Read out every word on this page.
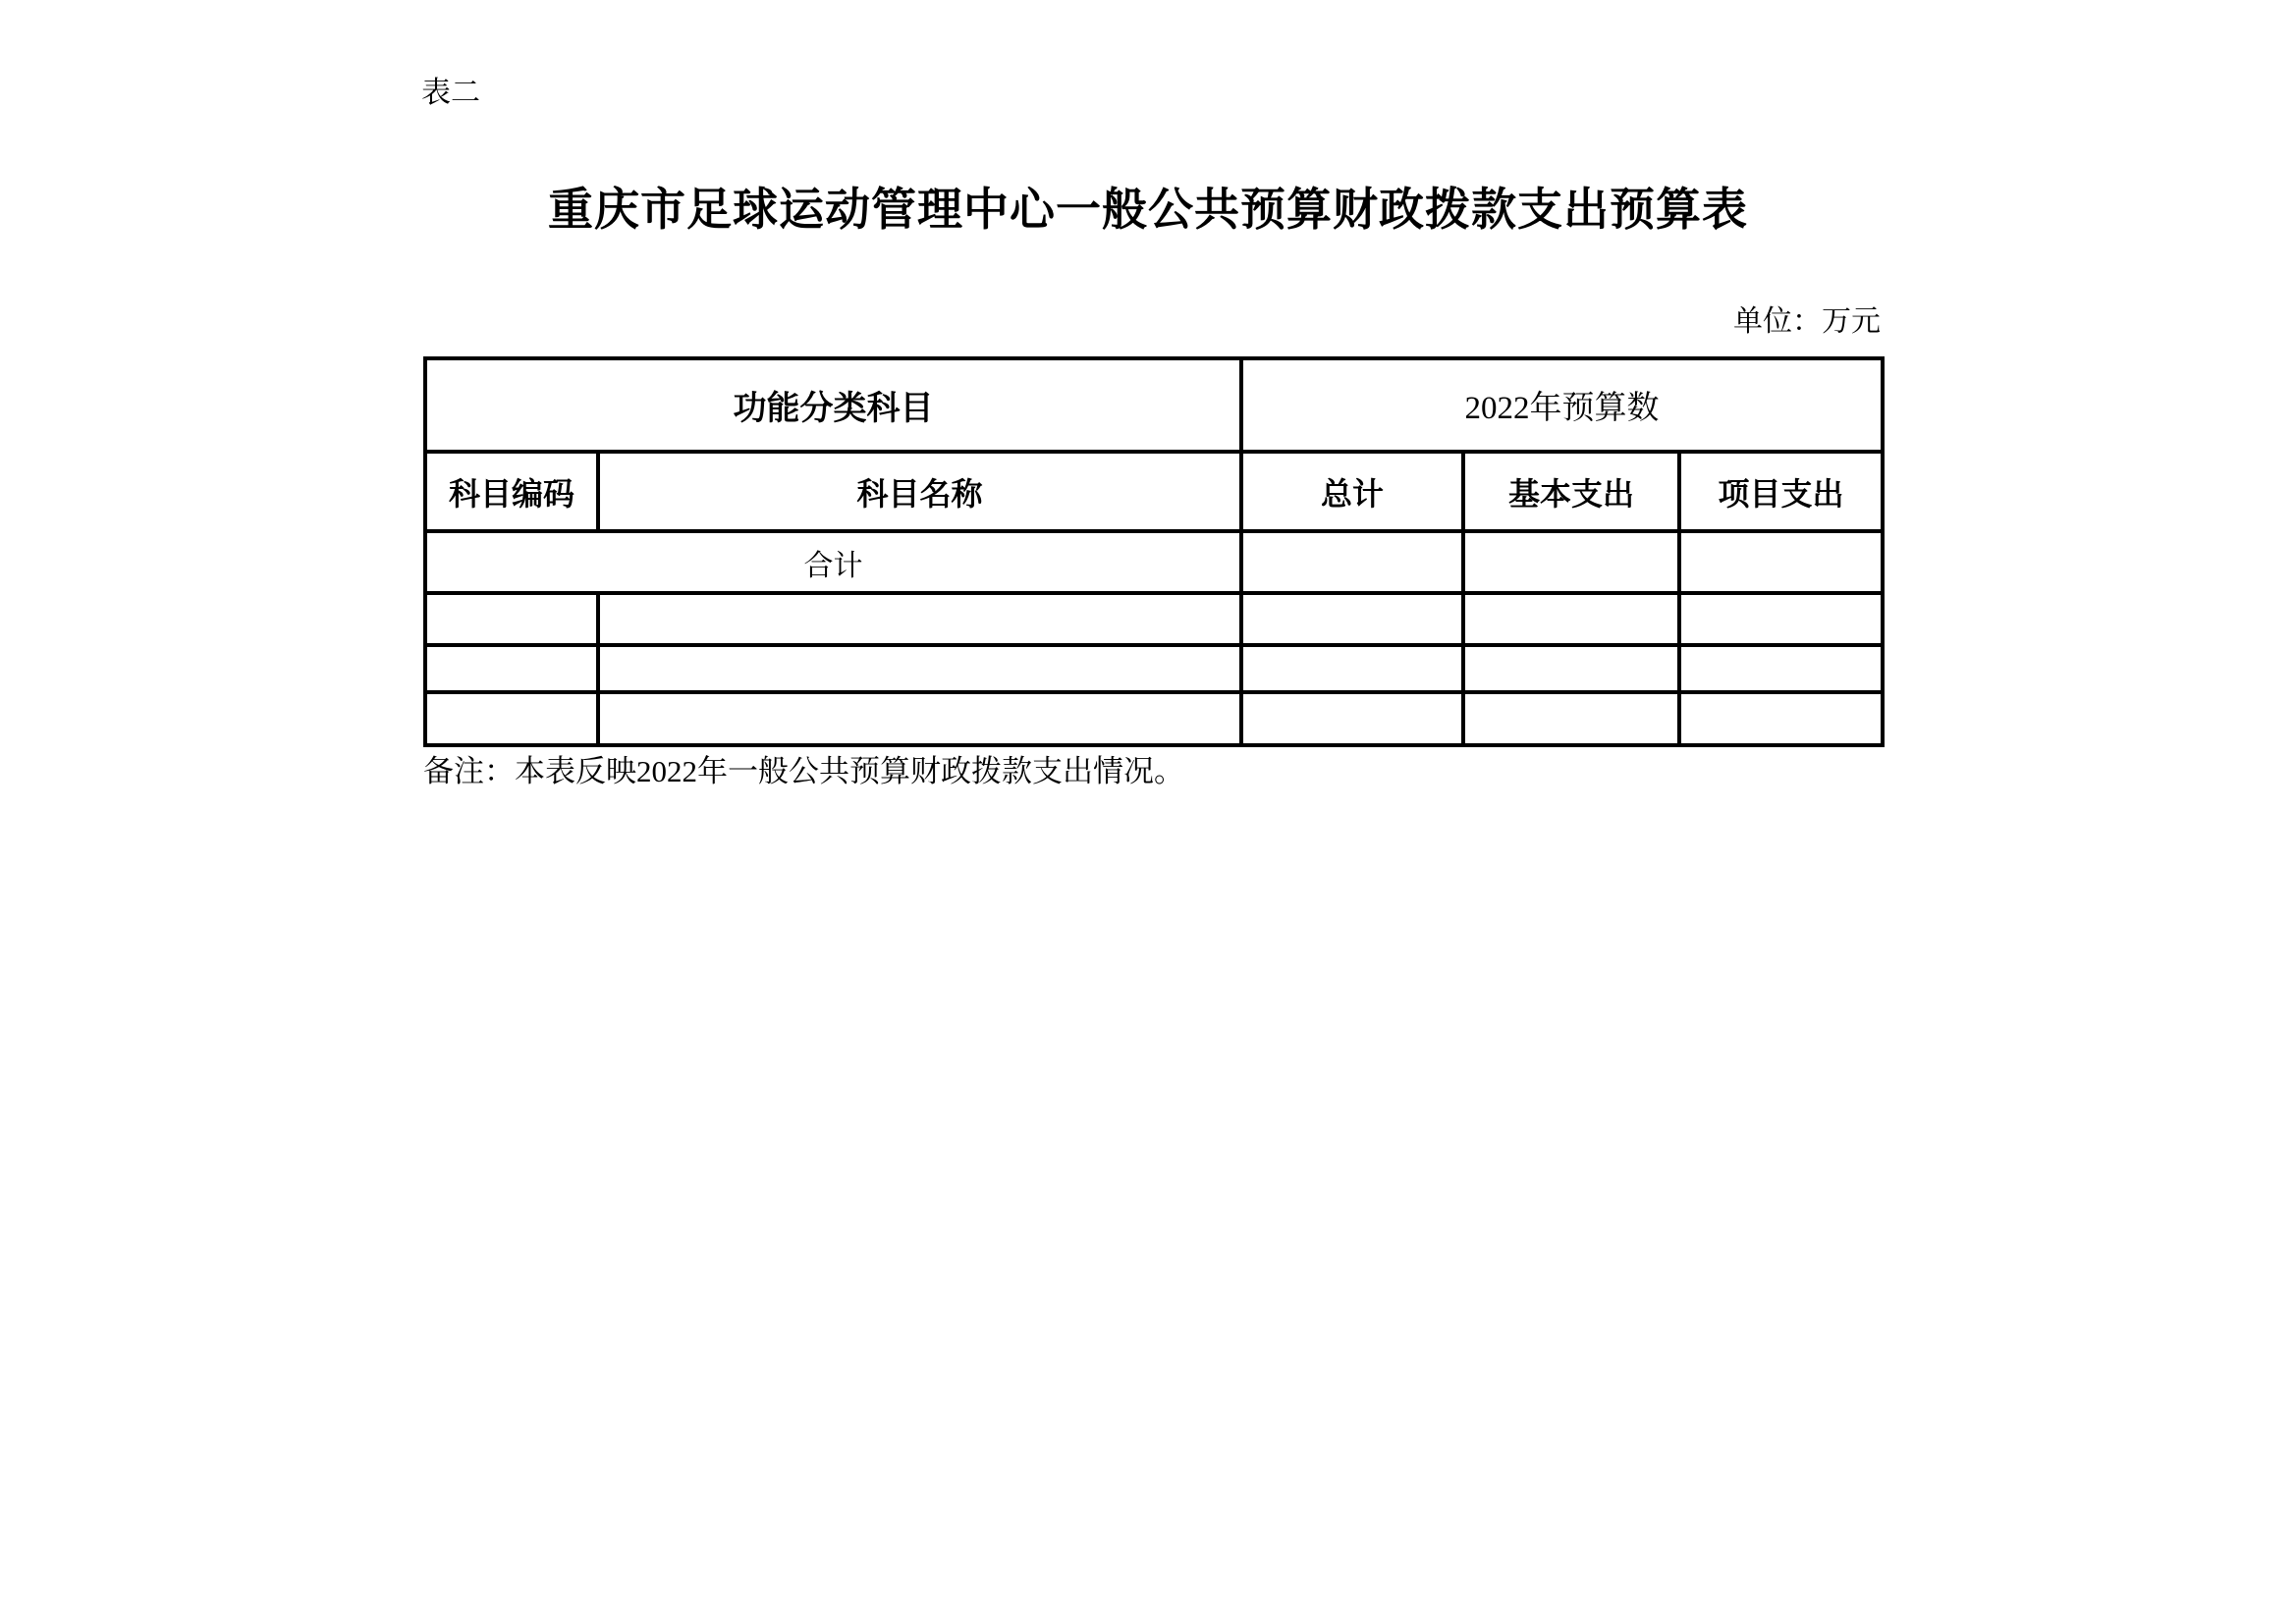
表二
重庆市足球运动管理中心一般公共预算财政拨款支出预算表
单位：万元
功能分类科目		2022年预算数		
科目编码	科目名称	总计	基本支出	项目支出
合计				

备注：本表反映2022年一般公共预算财政拨款支出情况。
